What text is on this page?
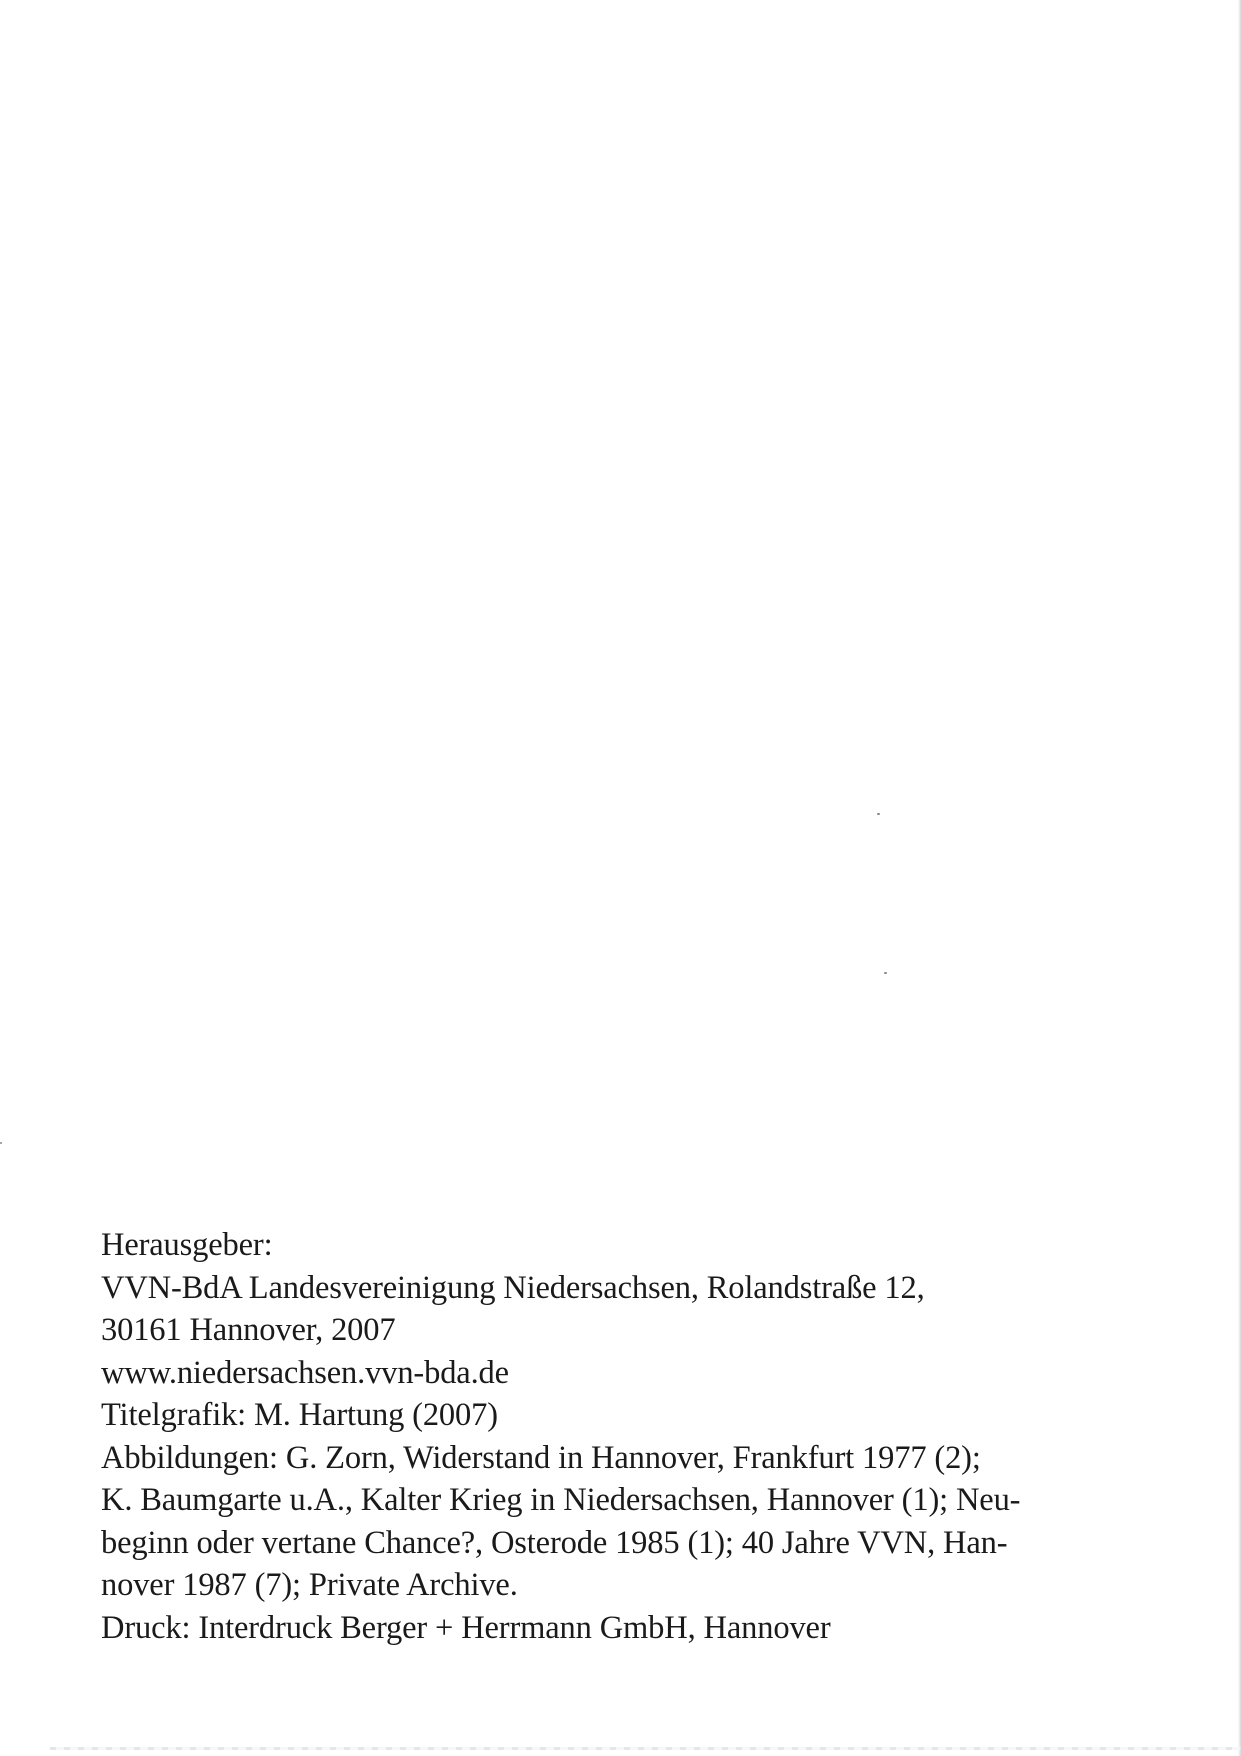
Herausgeber:
VVN-BdA Landesvereinigung Niedersachsen, Rolandstraße 12,
30161 Hannover, 2007
www.niedersachsen.vvn-bda.de
Titelgrafik: M. Hartung (2007)
Abbildungen: G. Zorn, Widerstand in Hannover, Frankfurt 1977 (2);
K. Baumgarte u.A., Kalter Krieg in Niedersachsen, Hannover (1); Neu-
beginn oder vertane Chance?, Osterode 1985 (1); 40 Jahre VVN, Han-
nover 1987 (7); Private Archive.
Druck: Interdruck Berger + Herrmann GmbH, Hannover
